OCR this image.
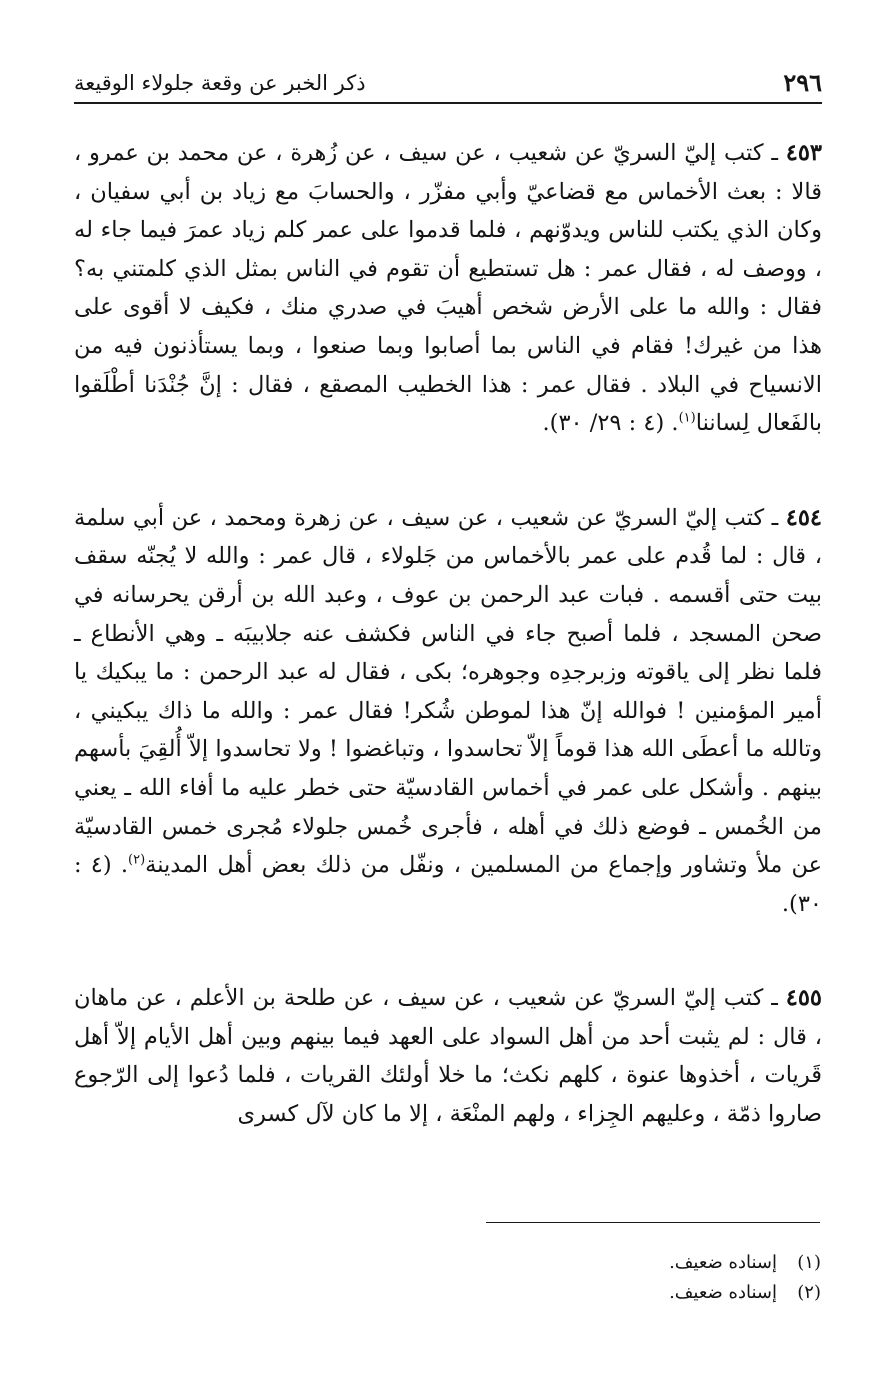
٢٩٦
ذكر الخبر عن وقعة جلولاء الوقيعة

٤٥٣ ـ كتب إليّ السريّ عن شعيب ، عن سيف ، عن زُهرة ، عن محمد بن عمرو ، قالا : بعث الأخماس مع قضاعيّ وأبي مفزّر ، والحسابَ مع زياد بن أبي سفيان ، وكان الذي يكتب للناس ويدوّنهم ، فلما قدموا على عمر كلم زياد عمرَ فيما جاء له ، ووصف له ، فقال عمر : هل تستطيع أن تقوم في الناس بمثل الذي كلمتني به؟ فقال : والله ما على الأرض شخص أهيبَ في صدري منك ، فكيف لا أقوى على هذا من غيرك! فقام في الناس بما أصابوا وبما صنعوا ، وبما يستأذنون فيه من الانسياح في البلاد . فقال عمر : هذا الخطيب المصقع ، فقال : إنَّ جُنْدَنا أطْلَقوا بالفَعال لِساننا$^{(١)}$. (٤ : ٢٩/ ٣٠).

٤٥٤ ـ كتب إليّ السريّ عن شعيب ، عن سيف ، عن زهرة ومحمد ، عن أبي سلمة ، قال : لما قُدم على عمر بالأخماس من جَلولاء ، قال عمر : والله لا يُجنّه سقف بيت حتى أقسمه . فبات عبد الرحمن بن عوف ، وعبد الله بن أرقن يحرسانه في صحن المسجد ، فلما أصبح جاء في الناس فكشف عنه جلابيبَه ـ وهي الأنطاع ـ فلما نظر إلى ياقوته وزبرجدِه وجوهره؛ بكى ، فقال له عبد الرحمن : ما يبكيك يا أمير المؤمنين ! فوالله إنّ هذا لموطن شُكر! فقال عمر : والله ما ذاك يبكيني ، وتالله ما أعطَى الله هذا قوماً إلاّ تحاسدوا ، وتباغضوا ! ولا تحاسدوا إلاّ أُلقِيَ بأسهم بينهم . وأشكل على عمر في أخماس القادسيّة حتى خطر عليه ما أفاء الله ـ يعني من الخُمس ـ فوضع ذلك في أهله ، فأجرى خُمس جلولاء مُجرى خمس القادسيّة عن ملأ وتشاور وإجماع من المسلمين ، ونفّل من ذلك بعض أهل المدينة$^{(٢)}$. (٤ : ٣٠).

٤٥٥ ـ كتب إليّ السريّ عن شعيب ، عن سيف ، عن طلحة بن الأعلم ، عن ماهان ، قال : لم يثبت أحد من أهل السواد على العهد فيما بينهم وبين أهل الأيام إلاّ أهل قَريات ، أخذوها عنوة ، كلهم نكث؛ ما خلا أولئك القريات ، فلما دُعوا إلى الرّجوع صاروا ذمّة ، وعليهم الجِزاء ، ولهم المنْعَة ، إلا ما كان لآل كسرى

(١)
إسناده ضعيف.
(٢)
إسناده ضعيف.
